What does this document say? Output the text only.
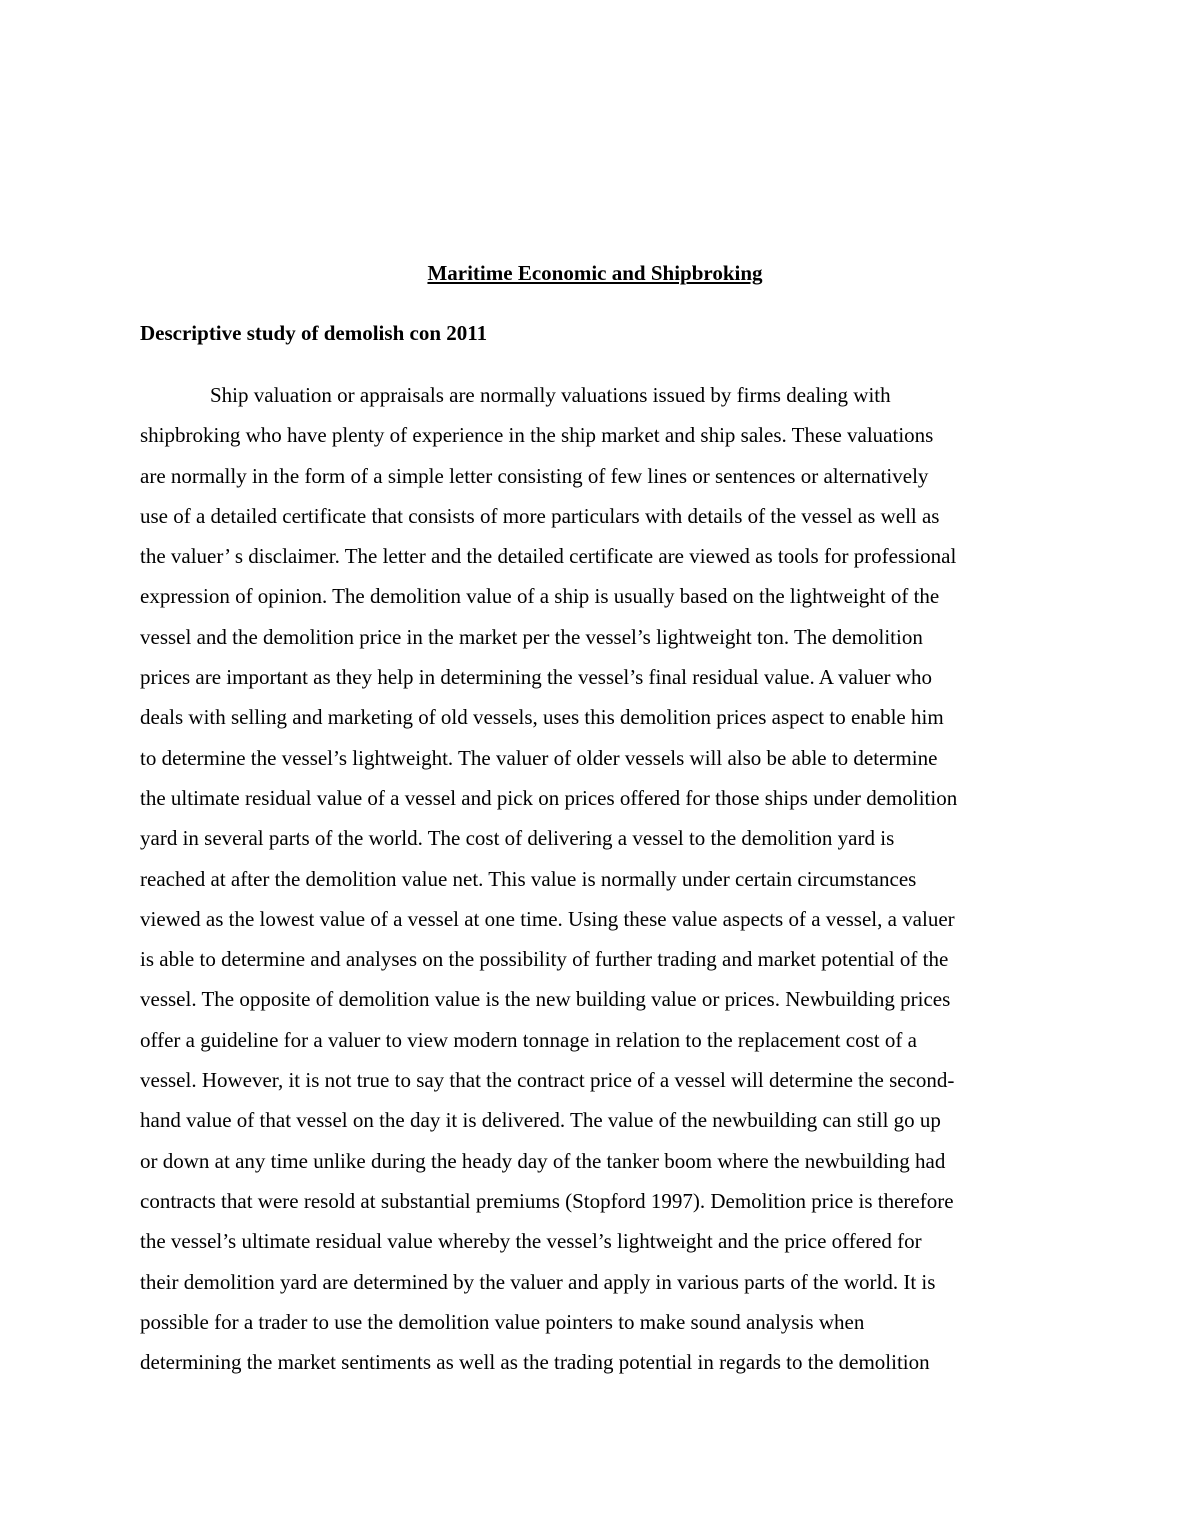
Maritime Economic and Shipbroking
Descriptive study of demolish con 2011

Ship valuation or appraisals are normally valuations issued by firms dealing with
shipbroking who have plenty of experience in the ship market and ship sales. These valuations
are normally in the form of a simple letter consisting of few lines or sentences or alternatively
use of a detailed certificate that consists of more particulars with details of the vessel as well as
the valuer’ s disclaimer. The letter and the detailed certificate are viewed as tools for professional
expression of opinion. The demolition value of a ship is usually based on the lightweight of the
vessel and the demolition price in the market per the vessel’s lightweight ton. The demolition
prices are important as they help in determining the vessel’s final residual value. A valuer who
deals with selling and marketing of old vessels, uses this demolition prices aspect to enable him
to determine the vessel’s lightweight. The valuer of older vessels will also be able to determine
the ultimate residual value of a vessel and pick on prices offered for those ships under demolition
yard in several parts of the world. The cost of delivering a vessel to the demolition yard is
reached at after the demolition value net. This value is normally under certain circumstances
viewed as the lowest value of a vessel at one time. Using these value aspects of a vessel, a valuer
is able to determine and analyses on the possibility of further trading and market potential of the
vessel. The opposite of demolition value is the new building value or prices. Newbuilding prices
offer a guideline for a valuer to view modern tonnage in relation to the replacement cost of a
vessel. However, it is not true to say that the contract price of a vessel will determine the second-
hand value of that vessel on the day it is delivered. The value of the newbuilding can still go up
or down at any time unlike during the heady day of the tanker boom where the newbuilding had
contracts that were resold at substantial premiums (Stopford 1997). Demolition price is therefore
the vessel’s ultimate residual value whereby the vessel’s lightweight and the price offered for
their demolition yard are determined by the valuer and apply in various parts of the world. It is
possible for a trader to use the demolition value pointers to make sound analysis when
determining the market sentiments as well as the trading potential in regards to the demolition
